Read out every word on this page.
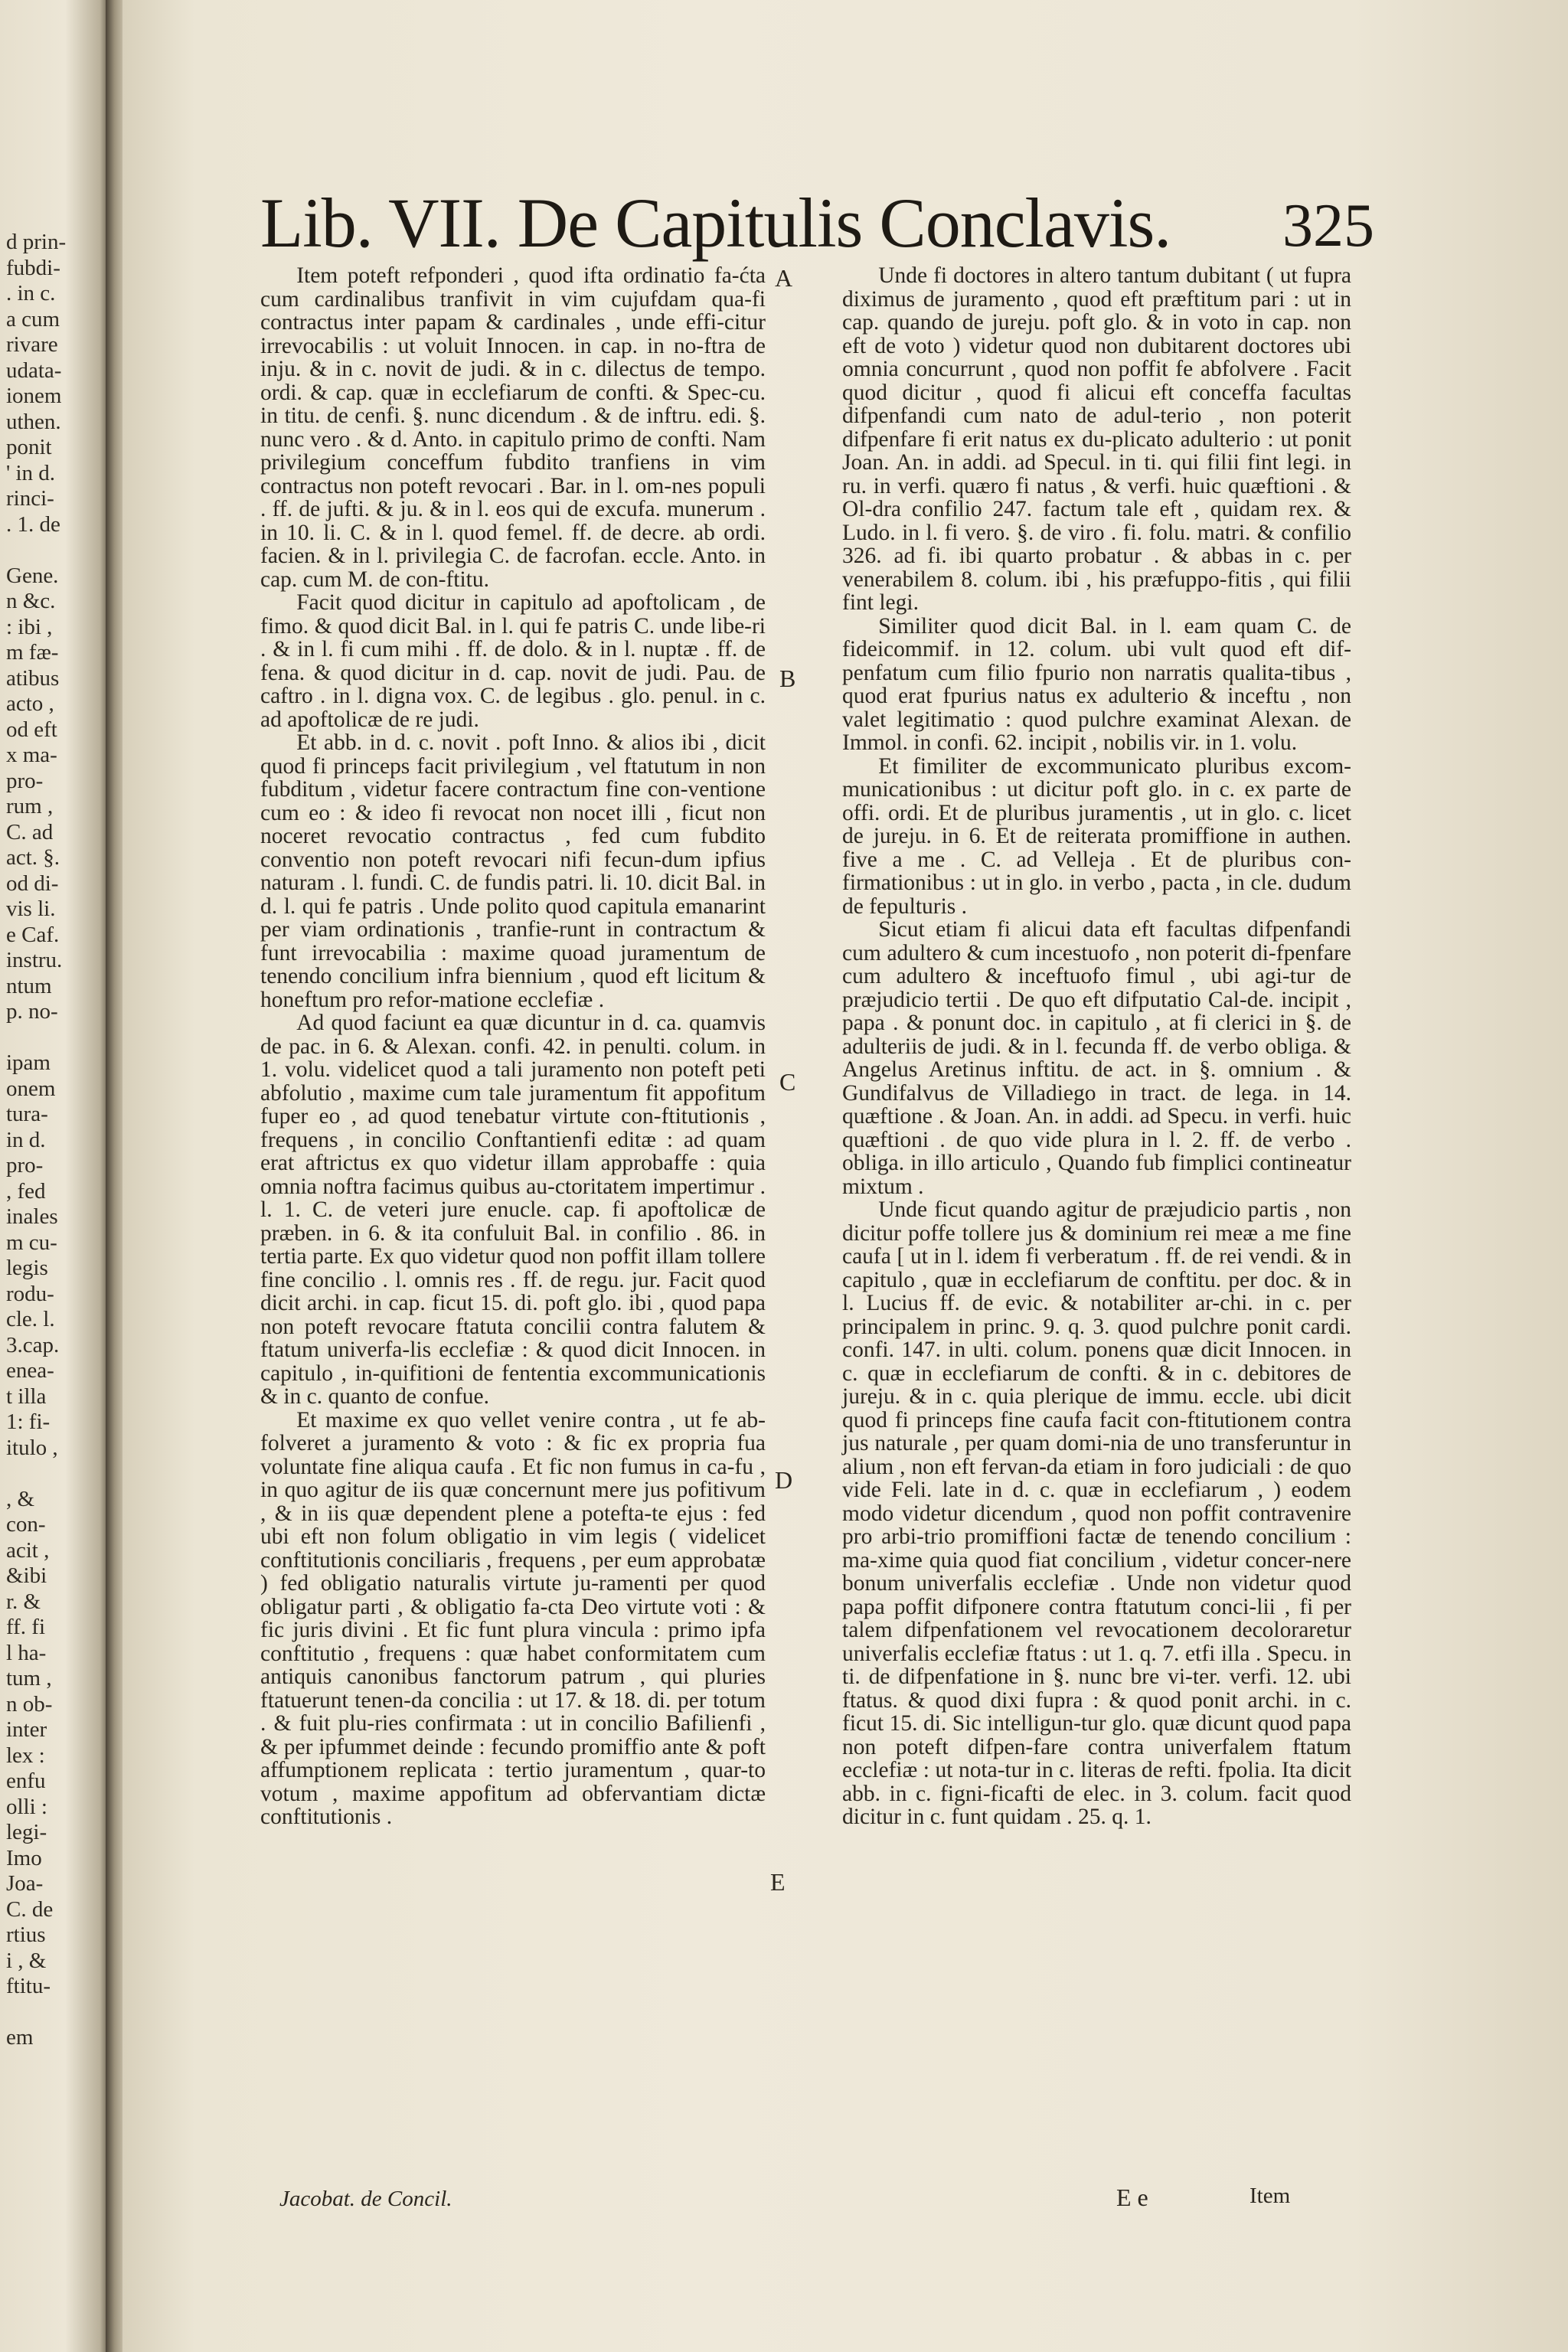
d prin-
fubdi-
. in c.
a cum
rivare
udata-
ionem
uthen.
ponit
' in d.
rinci-
. 1. de

Gene.
n &c.
: ibi ,
m fæ-
atibus
acto ,
od eft
x ma-
pro-
rum ,
C. ad
act. §.
od di-
vis li.
e Caf.
instru.
ntum
p. no-

ipam
onem
tura-
in d.
pro-
, fed
inales
m cu-
legis
rodu-
cle. l.
3.cap.
enea-
t illa
1: fi-
itulo ,

, &
con-
acit ,
&ibi
r. &
ff. fi
l ha-
tum ,
n ob-
inter
lex :
enfu
olli :
legi-
Imo
Joa-
C. de
rtius
i , &
ftitu-

em
Lib. VII. De Capitulis Conclavis. 325

Item poteft refponderi , quod ifta ordinatio fa-ćta cum cardinalibus tranfivit in vim cujufdam qua-fi contractus inter papam & cardinales , unde effi-citur irrevocabilis : ut voluit Innocen. in cap. in no-ftra de inju. & in c. novit de judi. & in c. dilectus de tempo. ordi. & cap. quæ in ecclefiarum de confti. & Spec-cu. in titu. de cenfi. §. nunc dicendum . & de inftru. edi. §. nunc vero . & d. Anto. in capitulo primo de confti. Nam privilegium conceffum fubdito tranfiens in vim contractus non poteft revocari . Bar. in l. om-nes populi . ff. de jufti. & ju. & in l. eos qui de excufa. munerum . in 10. li. C. & in l. quod femel. ff. de decre. ab ordi. facien. & in l. privilegia C. de facrofan. eccle. Anto. in cap. cum M. de con-ftitu.

Facit quod dicitur in capitulo ad apoftolicam , de fimo. & quod dicit Bal. in l. qui fe patris C. unde libe-ri . & in l. fi cum mihi . ff. de dolo. & in l. nuptæ . ff. de fena. & quod dicitur in d. cap. novit de judi. Pau. de caftro . in l. digna vox. C. de legibus . glo. penul. in c. ad apoftolicæ de re judi.

Et abb. in d. c. novit . poft Inno. & alios ibi , dicit quod fi princeps facit privilegium , vel ftatutum in non fubditum , videtur facere contractum fine con-ventione cum eo : & ideo fi revocat non nocet illi , ficut non noceret revocatio contractus , fed cum fubdito conventio non poteft revocari nifi fecun-dum ipfius naturam . l. fundi. C. de fundis patri. li. 10. dicit Bal. in d. l. qui fe patris . Unde polito quod capitula emanarint per viam ordinationis , tranfie-runt in contractum & funt irrevocabilia : maxime quoad juramentum de tenendo concilium infra biennium , quod eft licitum & honeftum pro refor-matione ecclefiæ .

Ad quod faciunt ea quæ dicuntur in d. ca. quamvis de pac. in 6. & Alexan. confi. 42. in penulti. colum. in 1. volu. videlicet quod a tali juramento non poteft peti abfolutio , maxime cum tale juramentum fit appofitum fuper eo , ad quod tenebatur virtute con-ftitutionis , frequens , in concilio Conftantienfi editæ : ad quam erat aftrictus ex quo videtur illam approbaffe : quia omnia noftra facimus quibus au-ctoritatem impertimur . l. 1. C. de veteri jure enucle. cap. fi apoftolicæ de præben. in 6. & ita confuluit Bal. in confilio . 86. in tertia parte. Ex quo videtur quod non poffit illam tollere fine concilio . l. omnis res . ff. de regu. jur. Facit quod dicit archi. in cap. ficut 15. di. poft glo. ibi , quod papa non poteft revocare ftatuta concilii contra falutem & ftatum univerfa-lis ecclefiæ : & quod dicit Innocen. in capitulo , in-quifitioni de fententia excommunicationis & in c. quanto de confue.

Et maxime ex quo vellet venire contra , ut fe ab-folveret a juramento & voto : & fic ex propria fua voluntate fine aliqua caufa . Et fic non fumus in ca-fu , in quo agitur de iis quæ concernunt mere jus pofitivum , & in iis quæ dependent plene a potefta-te ejus : fed ubi eft non folum obligatio in vim legis ( videlicet conftitutionis conciliaris , frequens , per eum approbatæ ) fed obligatio naturalis virtute ju-ramenti per quod obligatur parti , & obligatio fa-cta Deo virtute voti : & fic juris divini . Et fic funt plura vincula : primo ipfa conftitutio , frequens : quæ habet conformitatem cum antiquis canonibus fanctorum patrum , qui pluries ftatuerunt tenen-da concilia : ut 17. & 18. di. per totum . & fuit plu-ries confirmata : ut in concilio Bafilienfi , & per ipfummet deinde : fecundo promiffio ante & poft affumptionem replicata : tertio juramentum , quar-to votum , maxime appofitum ad obfervantiam dictæ conftitutionis .

Unde fi doctores in altero tantum dubitant ( ut fupra diximus de juramento , quod eft præftitum pari : ut in cap. quando de jureju. poft glo. & in voto in cap. non eft de voto ) videtur quod non dubitarent doctores ubi omnia concurrunt , quod non poffit fe abfolvere . Facit quod dicitur , quod fi alicui eft conceffa facultas difpenfandi cum nato de adul-terio , non poterit difpenfare fi erit natus ex du-plicato adulterio : ut ponit Joan. An. in addi. ad Specul. in ti. qui filii fint legi. in ru. in verfi. quæro fi natus , & verfi. huic quæftioni . & Ol-dra confilio 247. factum tale eft , quidam rex. & Ludo. in l. fi vero. §. de viro . fi. folu. matri. & confilio 326. ad fi. ibi quarto probatur . & abbas in c. per venerabilem 8. colum. ibi , his præfuppo-fitis , qui filii fint legi.

Similiter quod dicit Bal. in l. eam quam C. de fideicommif. in 12. colum. ubi vult quod eft dif-penfatum cum filio fpurio non narratis qualita-tibus , quod erat fpurius natus ex adulterio & inceftu , non valet legitimatio : quod pulchre examinat Alexan. de Immol. in confi. 62. incipit , nobilis vir. in 1. volu.

Et fimiliter de excommunicato pluribus excom-municationibus : ut dicitur poft glo. in c. ex parte de offi. ordi. Et de pluribus juramentis , ut in glo. c. licet de jureju. in 6. Et de reiterata promiffione in authen. five a me . C. ad Velleja . Et de pluribus con-firmationibus : ut in glo. in verbo , pacta , in cle. dudum de fepulturis .

Sicut etiam fi alicui data eft facultas difpenfandi cum adultero & cum incestuofo , non poterit di-fpenfare cum adultero & inceftuofo fimul , ubi agi-tur de præjudicio tertii . De quo eft difputatio Cal-de. incipit , papa . & ponunt doc. in capitulo , at fi clerici in §. de adulteriis de judi. & in l. fecunda ff. de verbo obliga. & Angelus Aretinus inftitu. de act. in §. omnium . & Gundifalvus de Villadiego in tract. de lega. in 14. quæftione . & Joan. An. in addi. ad Specu. in verfi. huic quæftioni . de quo vide plura in l. 2. ff. de verbo . obliga. in illo articulo , Quando fub fimplici contineatur mixtum .

Unde ficut quando agitur de præjudicio partis , non dicitur poffe tollere jus & dominium rei meæ a me fine caufa [ ut in l. idem fi verberatum . ff. de rei vendi. & in capitulo , quæ in ecclefiarum de conftitu. per doc. & in l. Lucius ff. de evic. & notabiliter ar-chi. in c. per principalem in princ. 9. q. 3. quod pulchre ponit cardi. confi. 147. in ulti. colum. ponens quæ dicit Innocen. in c. quæ in ecclefiarum de confti. & in c. debitores de jureju. & in c. quia plerique de immu. eccle. ubi dicit quod fi princeps fine caufa facit con-ftitutionem contra jus naturale , per quam domi-nia de uno transferuntur in alium , non eft fervan-da etiam in foro judiciali : de quo vide Feli. late in d. c. quæ in ecclefiarum , ) eodem modo videtur dicendum , quod non poffit contravenire pro arbi-trio promiffioni factæ de tenendo concilium : ma-xime quia quod fiat concilium , videtur concer-nere bonum univerfalis ecclefiæ . Unde non videtur quod papa poffit difponere contra ftatutum conci-lii , fi per talem difpenfationem vel revocationem decoloraretur univerfalis ecclefiæ ftatus : ut 1. q. 7. etfi illa . Specu. in ti. de difpenfatione in §. nunc bre vi-ter. verfi. 12. ubi ftatus. & quod dixi fupra : & quod ponit archi. in c. ficut 15. di. Sic intelligun-tur glo. quæ dicunt quod papa non poteft difpen-fare contra univerfalem ftatum ecclefiæ : ut nota-tur in c. literas de refti. fpolia. Ita dicit abb. in c. figni-ficafti de elec. in 3. colum. facit quod dicitur in c. funt quidam . 25. q. 1.

A
B
C
D
E
Jacobat. de Concil.	E e	Item
